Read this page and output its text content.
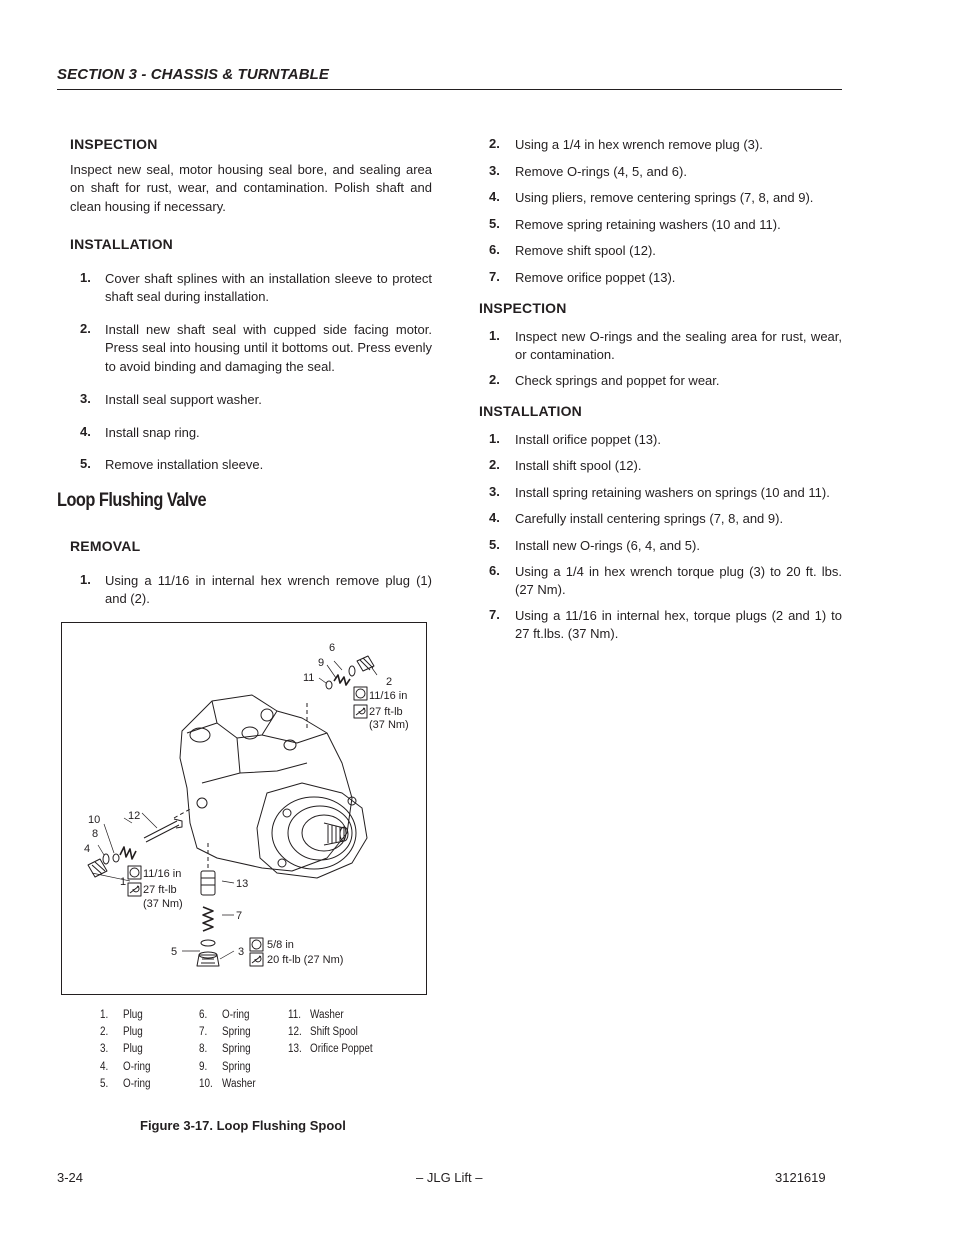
SECTION 3 - CHASSIS & TURNTABLE
INSPECTION
Inspect new seal, motor housing seal bore, and sealing area on shaft for rust, wear, and contamination. Polish shaft and clean housing if necessary.
INSTALLATION
1. Cover shaft splines with an installation sleeve to protect shaft seal during installation.
2. Install new shaft seal with cupped side facing motor. Press seal into housing until it bottoms out. Press evenly to avoid binding and damaging the seal.
3. Install seal support washer.
4. Install snap ring.
5. Remove installation sleeve.
Loop Flushing Valve
REMOVAL
1. Using a 11/16 in internal hex wrench remove plug (1) and (2).
6
9
11	2
11/16 in
27 ft-lb
(37 Nm)
12
10
8
4
1
11/16 in
27 ft-lb
(37 Nm)
13
7
5	3
5/8 in
20 ft-lb (27 Nm)
1. Plug
2. Plug
3. Plug
4. O-ring
5. O-ring
6. O-ring
7. Spring
8. Spring
9. Spring
10. Washer
11. Washer
12. Shift Spool
13. Orifice Poppet
Figure 3-17. Loop Flushing Spool
2. Using a 1/4 in hex wrench remove plug (3).
3. Remove O-rings (4, 5, and 6).
4. Using pliers, remove centering springs (7, 8, and 9).
5. Remove spring retaining washers (10 and 11).
6. Remove shift spool (12).
7. Remove orifice poppet (13).
INSPECTION
1. Inspect new O-rings and the sealing area for rust, wear, or contamination.
2. Check springs and poppet for wear.
INSTALLATION
1. Install orifice poppet (13).
2. Install shift spool (12).
3. Install spring retaining washers on springs (10 and 11).
4. Carefully install centering springs (7, 8, and 9).
5. Install new O-rings (6, 4, and 5).
6. Using a 1/4 in hex wrench torque plug (3) to 20 ft. lbs. (27 Nm).
7. Using a 11/16 in internal hex, torque plugs (2 and 1) to 27 ft.lbs. (37 Nm).
3-24	– JLG Lift –	3121619
